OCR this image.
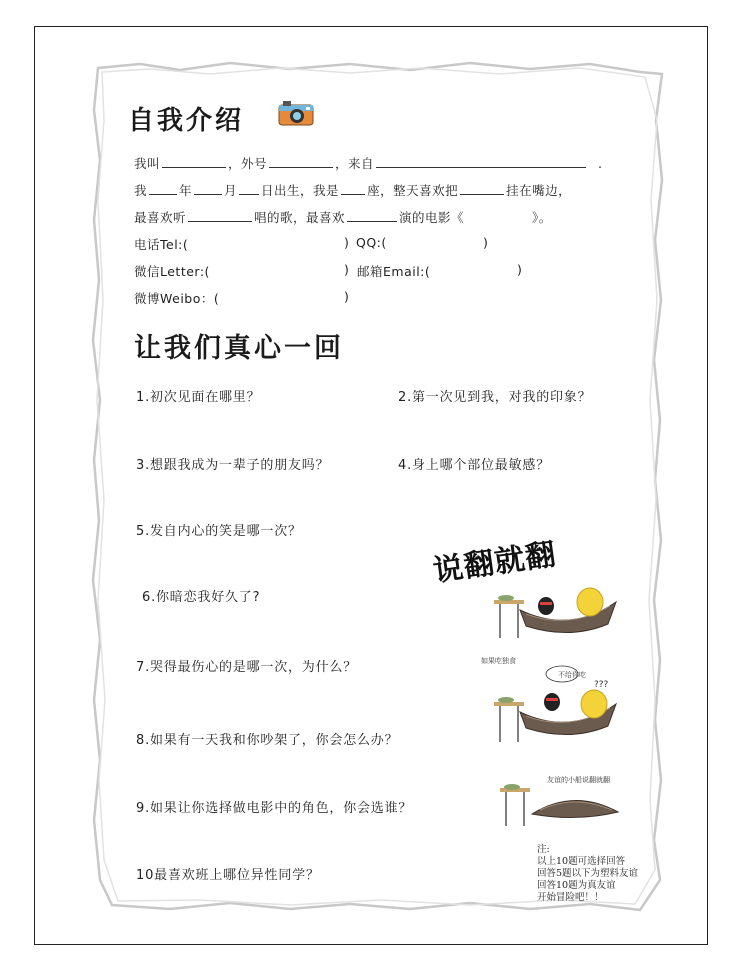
自我介绍
我叫	，外号	，来自	.
我	年	月 日出生，我是 座，整天喜欢把	挂在嘴边，
最喜欢听	唱的歌，最喜欢	演的电影《	》。
电话Tel:(	) QQ:(	)
微信Letter:(	) 邮箱Email:(	)
微博Weibo：(	)
让我们真心一回
1.初次见面在哪里？	2.第一次见到我，对我的印象？
3.想跟我成为一辈子的朋友吗？	4.身上哪个部位最敏感？
5.发自内心的笑是哪一次？
6.你暗恋我好久了?
7.哭得最伤心的是哪一次，为什么？
8.如果有一天我和你吵架了，你会怎么办？
9.如果让你选择做电影中的角色，你会选谁？
10最喜欢班上哪位异性同学？
说翻就翻
如果吃独食
不给你吃
???
友谊的小船说翻就翻
注:
以上10题可选择回答
回答5题以下为塑料友谊
回答10题为真友谊
开始冒险吧！！
